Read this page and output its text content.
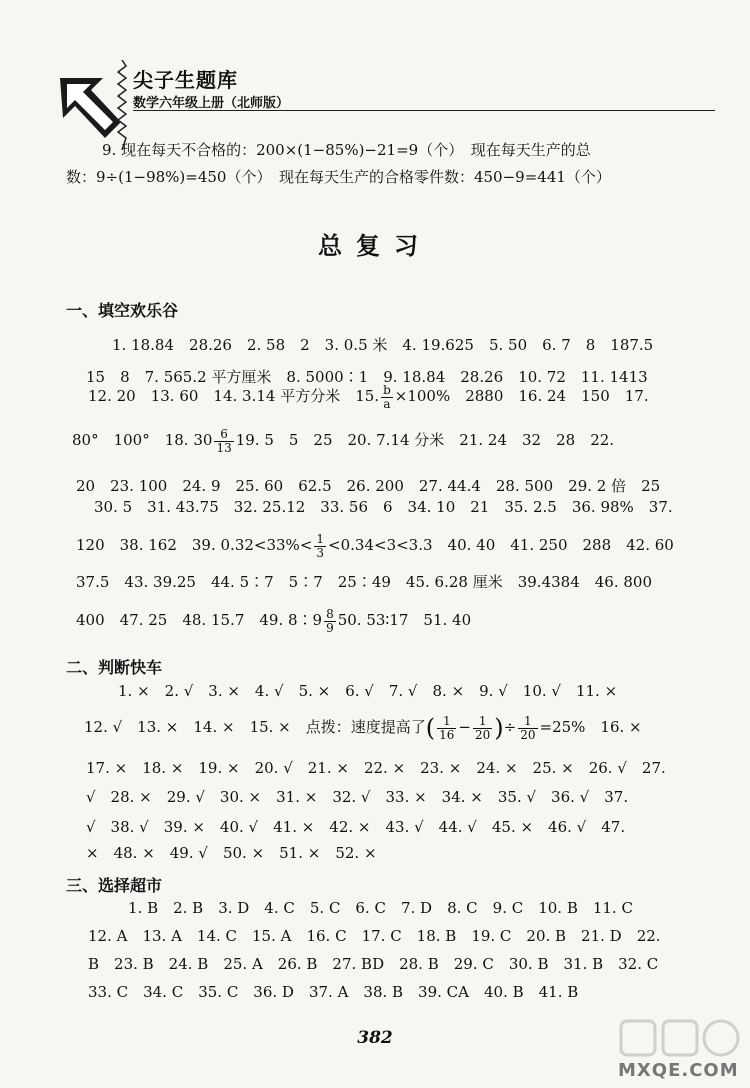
尖子生题库
数学六年级上册（北师版）
9. 现在每天不合格的：200×(1−85%)−21=9（个）　现在每天生产的总
数：9÷(1−98%)=450（个）　现在每天生产的合格零件数：450−9=441（个）
总复习
一、填空欢乐谷
1. 18.84　28.26　2. 58　2　3. 0.5 米　4. 19.625　5. 50　6. 7　8　187.5
15　8　7. 565.2 平方厘米　8. 5000∶1　9. 18.84　28.26　10. 72　11. 1413
12. 20　13. 60　14. 3.14 平方分米　15. $\frac{b}{a} \times 100\%$　2880　16. 24　150　17.
80°　100°　18. $30 \frac{6}{13} 19$. 5　5　25　20. 7.14 分米　21. 24　32　28　22.
20　23. 100　24. 9　25. 60　62.5　26. 200　27. 44.4　28. 500　29. 2 倍　25
30. 5　31. 43.75　32. 25.12　33. 56　6　34. 10　21　35. 2.5　36. 98%　37.
120　38. 162　39. $0.32<33\%< \frac{1}{3} <0.34<3<3.3$　40. 40　41. 250　288　42. 60
37.5　43. 39.25　44. 5∶7　5∶7　25∶49　45. 6.28 厘米　39.4384　46. 800
400　47. 25　48. 15.7　49. 8∶9 $\frac{8}{9} 50$. 53∶17　51. 40
二、判断快车
1. ×　2. √　3. ×　4. √　5. ×　6. √　7. √　8. ×　9. √　10. √　11. ×
12. √　13. ×　14. ×　15. ×　点拨：速度提高了( $\frac{1}{16} - \frac{1}{20}$ )÷ $\frac{1}{20} =25\%$　16. ×
17. ×　18. ×　19. ×　20. √　21. ×　22. ×　23. ×　24. ×　25. ×　26. √　27.
√　28. ×　29. √　30. ×　31. ×　32. √　33. ×　34. ×　35. √　36. √　37.
√　38. √　39. ×　40. √　41. ×　42. ×　43. √　44. √　45. ×　46. √　47.
×　48. ×　49. √　50. ×　51. ×　52. ×
三、选择超市
1. B　2. B　3. D　4. C　5. C　6. C　7. D　8. C　9. C　10. B　11. C
12. A　13. A　14. C　15. A　16. C　17. C　18. B　19. C　20. B　21. D　22.
B　23. B　24. B　25. A　26. B　27. BD　28. B　29. C　30. B　31. B　32. C
33. C　34. C　35. C　36. D　37. A　38. B　39. CA　40. B　41. B
382
MXQE.COM
